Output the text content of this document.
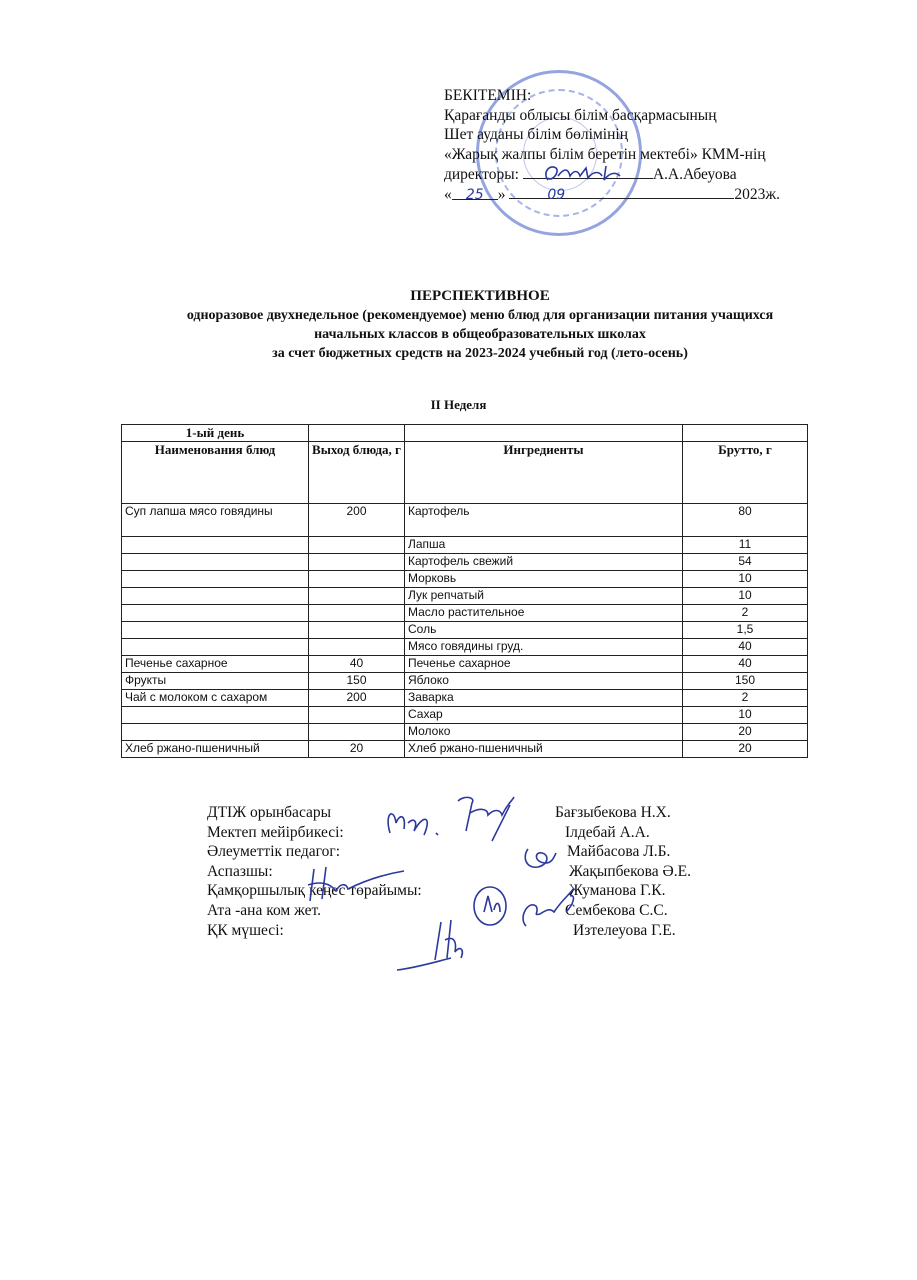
БЕКІТЕМІН:
Қарағанды облысы білім басқармасының
Шет ауданы білім бөлімінің
«Жарық жалпы білім беретін мектебі» КММ-нің
директоры:	А.А.Абеуова
« 25 »	09	2023ж.
ПЕРСПЕКТИВНОЕ
одноразовое двухнедельное (рекомендуемое) меню блюд для организации питания учащихся
начальных классов в общеобразовательных школах
за счет бюджетных средств на 2023-2024 учебный год (лето-осень)
II Неделя
1-ый день			
Наименования блюд	Выход блюда, г	Ингредиенты	Брутто, г
Суп лапша мясо говядины	200	Картофель	80
		Лапша	11
		Картофель свежий	54
		Морковь	10
		Лук репчатый	10
		Масло растительное	2
		Соль	1,5
		Мясо говядины груд.	40
Печенье сахарное	40	Печенье сахарное	40
Фрукты	150	Яблоко	150
Чай с молоком с сахаром	200	Заварка	2
		Сахар	10
		Молоко	20
Хлеб ржано-пшеничный	20	Хлеб ржано-пшеничный	20
ДТІЖ орынбасары	Бағзыбекова Н.Х.
Мектеп мейірбикесі:	Ілдебай А.А.
Әлеуметтік педагог:	Майбасова Л.Б.
Аспазшы:	Жақыпбекова Ә.Е.
Қамқоршылық кеңес төрайымы:	Жуманова Г.К.
Ата -ана ком жет.	Сембекова С.С.
ҚК мүшесі:	Изтелеуова Г.Е.
